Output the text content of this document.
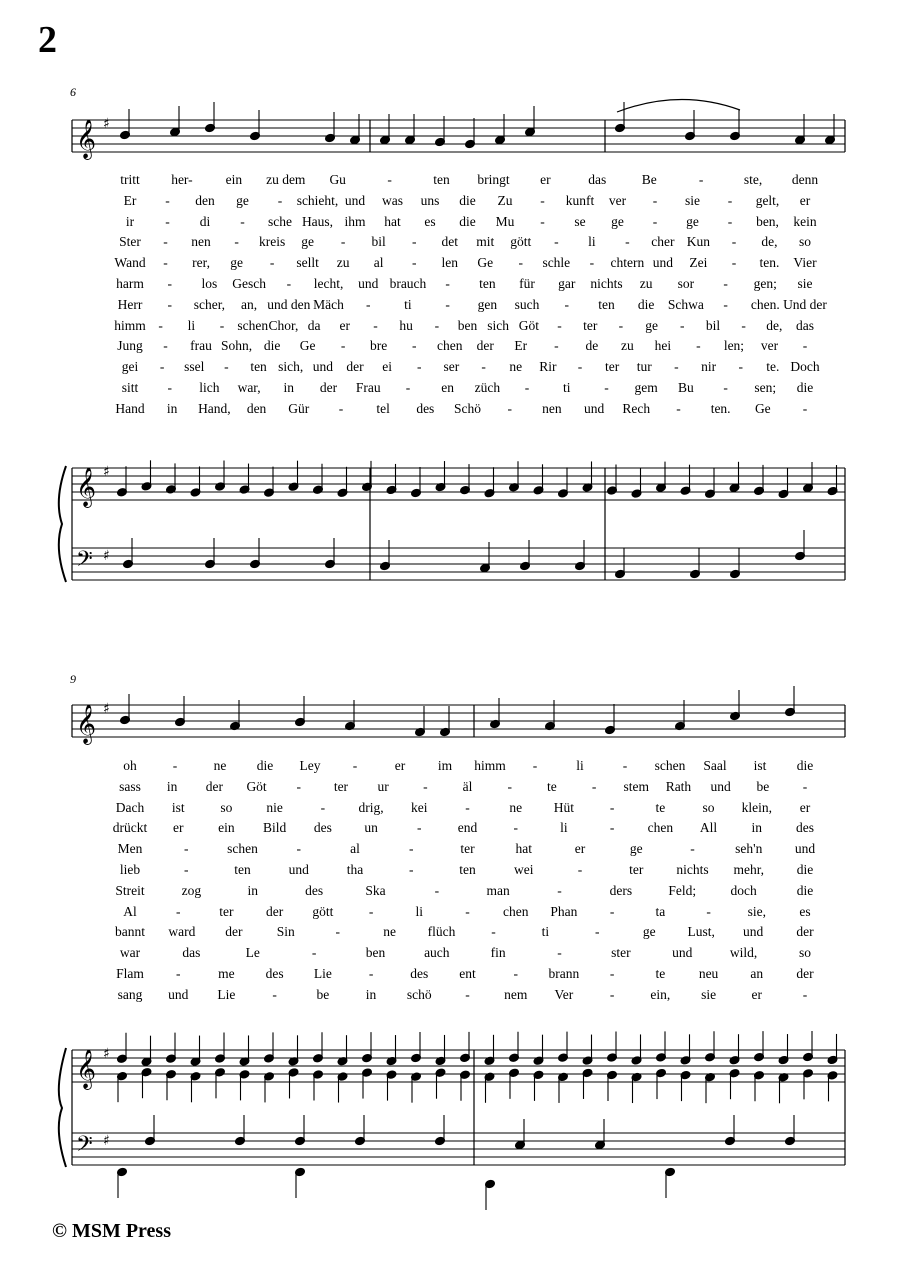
2
6
9
𝄞
𝄞
𝄢
𝄞
𝄞
𝄢
♯
♯
♯
♯
♯
♯
tritt her- ein zu dem Gu	-	ten bringt er	das	Be	-	ste, denn
Er - den ge - schieht, und was uns die Zu - kunft ver - sie - gelt, er
ir - di - sche Haus, ihm hat es die Mu - se ge - ge - ben, kein
Ster - nen - kreis ge - bil - det mit gött - li - cher Kun - de, so
Wand - rer, ge - sellt zu al - len Ge - schle - chtern und Zei - ten. Vier
harm - los Gesch - lecht, und brauch - ten für gar nichts zu sor - gen; sie
Herr - scher, an, und den Mäch - ti - gen such - ten die Schwa - chen. Und der
himm - li - schen Chor, da er - hu - ben sich Göt - ter - ge - bil - de, das
Jung - frau Sohn, die Ge - bre - chen der Er - de zu hei - len; ver -
gei - ssel - ten sich, und der ei - ser - ne Rir - ter tur - nir - te. Doch
sitt - lich war, in der Frau - en züch - ti - gem Bu - sen; die
Hand in Hand, den Gür - tel des Schö - nen und Rech - ten. Ge -
oh	-	ne die Ley -	er im himm -	li	- schen Saal ist die
sass in der Göt - ter ur	-	äl	-	te	- stem Rath und be -
Dach ist	so	nie	- drig, kei	-	ne Hüt	-	te	so klein, er
drückt er	ein Bild des un	-	end	-	li	- chen All	in	des
Men	-	schen	-	al	-	ter	hat	er	ge	-	seh'n und
lieb	-	ten	und	tha	-	ten	wei	-	ter nichts mehr, die
Streit	zog	in	des	Ska	-	man	-	ders	Feld;	doch	die
Al	-	ter der gött	-	li	- chen Phan -	ta	-	sie, es
bannt ward der	Sin	-	ne flüch	-	ti	-	ge Lust, und der
war	das	Le	-	ben	auch	fin	-	ster	und	wild,	so
Flam -	me des Lie	-	des ent	- brann -	te neu an der
sang und Lie	-	be	in schö -	nem Ver	-	ein, sie	er	-
© MSM Press
